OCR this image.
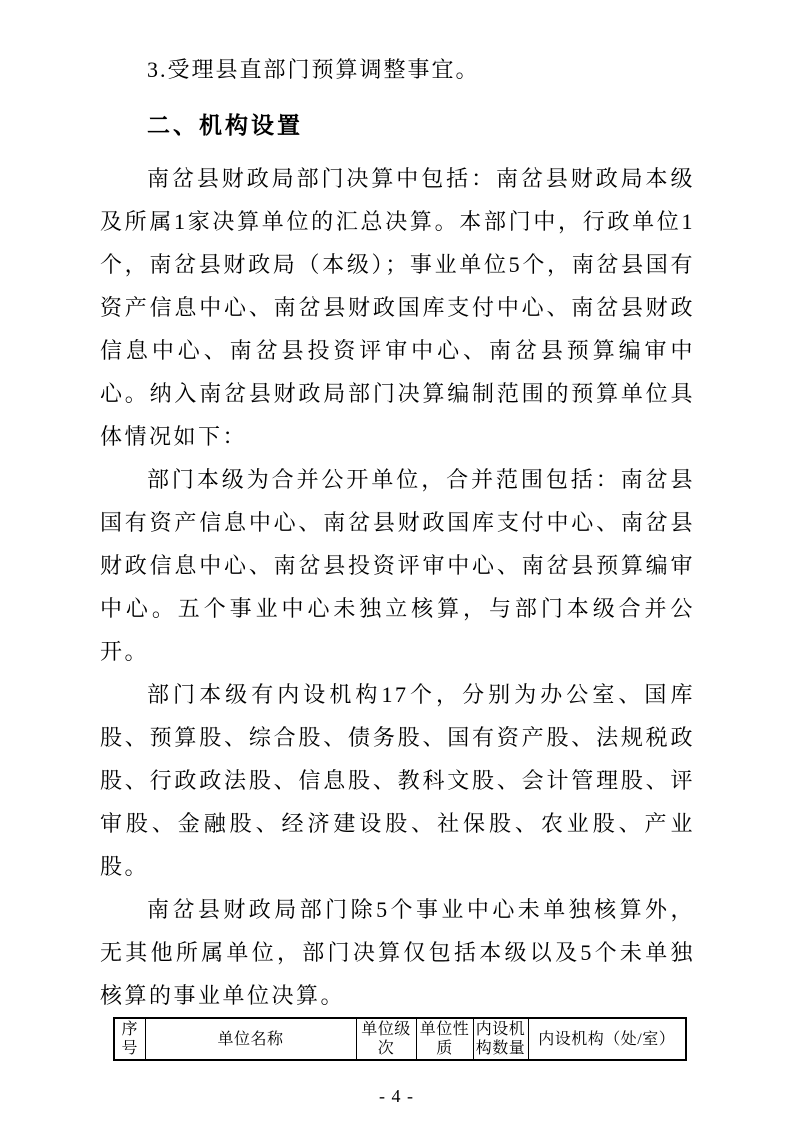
3.受理县直部门预算调整事宜。

二、机构设置

南岔县财政局部门决算中包括：南岔县财政局本级及所属1家决算单位的汇总决算。本部门中，行政单位1个，南岔县财政局（本级）；事业单位5个，南岔县国有资产信息中心、南岔县财政国库支付中心、南岔县财政信息中心、南岔县投资评审中心、南岔县预算编审中心。纳入南岔县财政局部门决算编制范围的预算单位具体情况如下：

部门本级为合并公开单位，合并范围包括：南岔县国有资产信息中心、南岔县财政国库支付中心、南岔县财政信息中心、南岔县投资评审中心、南岔县预算编审中心。五个事业中心未独立核算，与部门本级合并公开。

部门本级有内设机构17个，分别为办公室、国库股、预算股、综合股、债务股、国有资产股、法规税政股、行政政法股、信息股、教科文股、会计管理股、评审股、金融股、经济建设股、社保股、农业股、产业股。

南岔县财政局部门除5个事业中心未单独核算外，无其他所属单位，部门决算仅包括本级以及5个未单独核算的事业单位决算。

序号	单位名称	单位级次	单位性质	内设机构数量	内设机构（处/室）
- 4 -
